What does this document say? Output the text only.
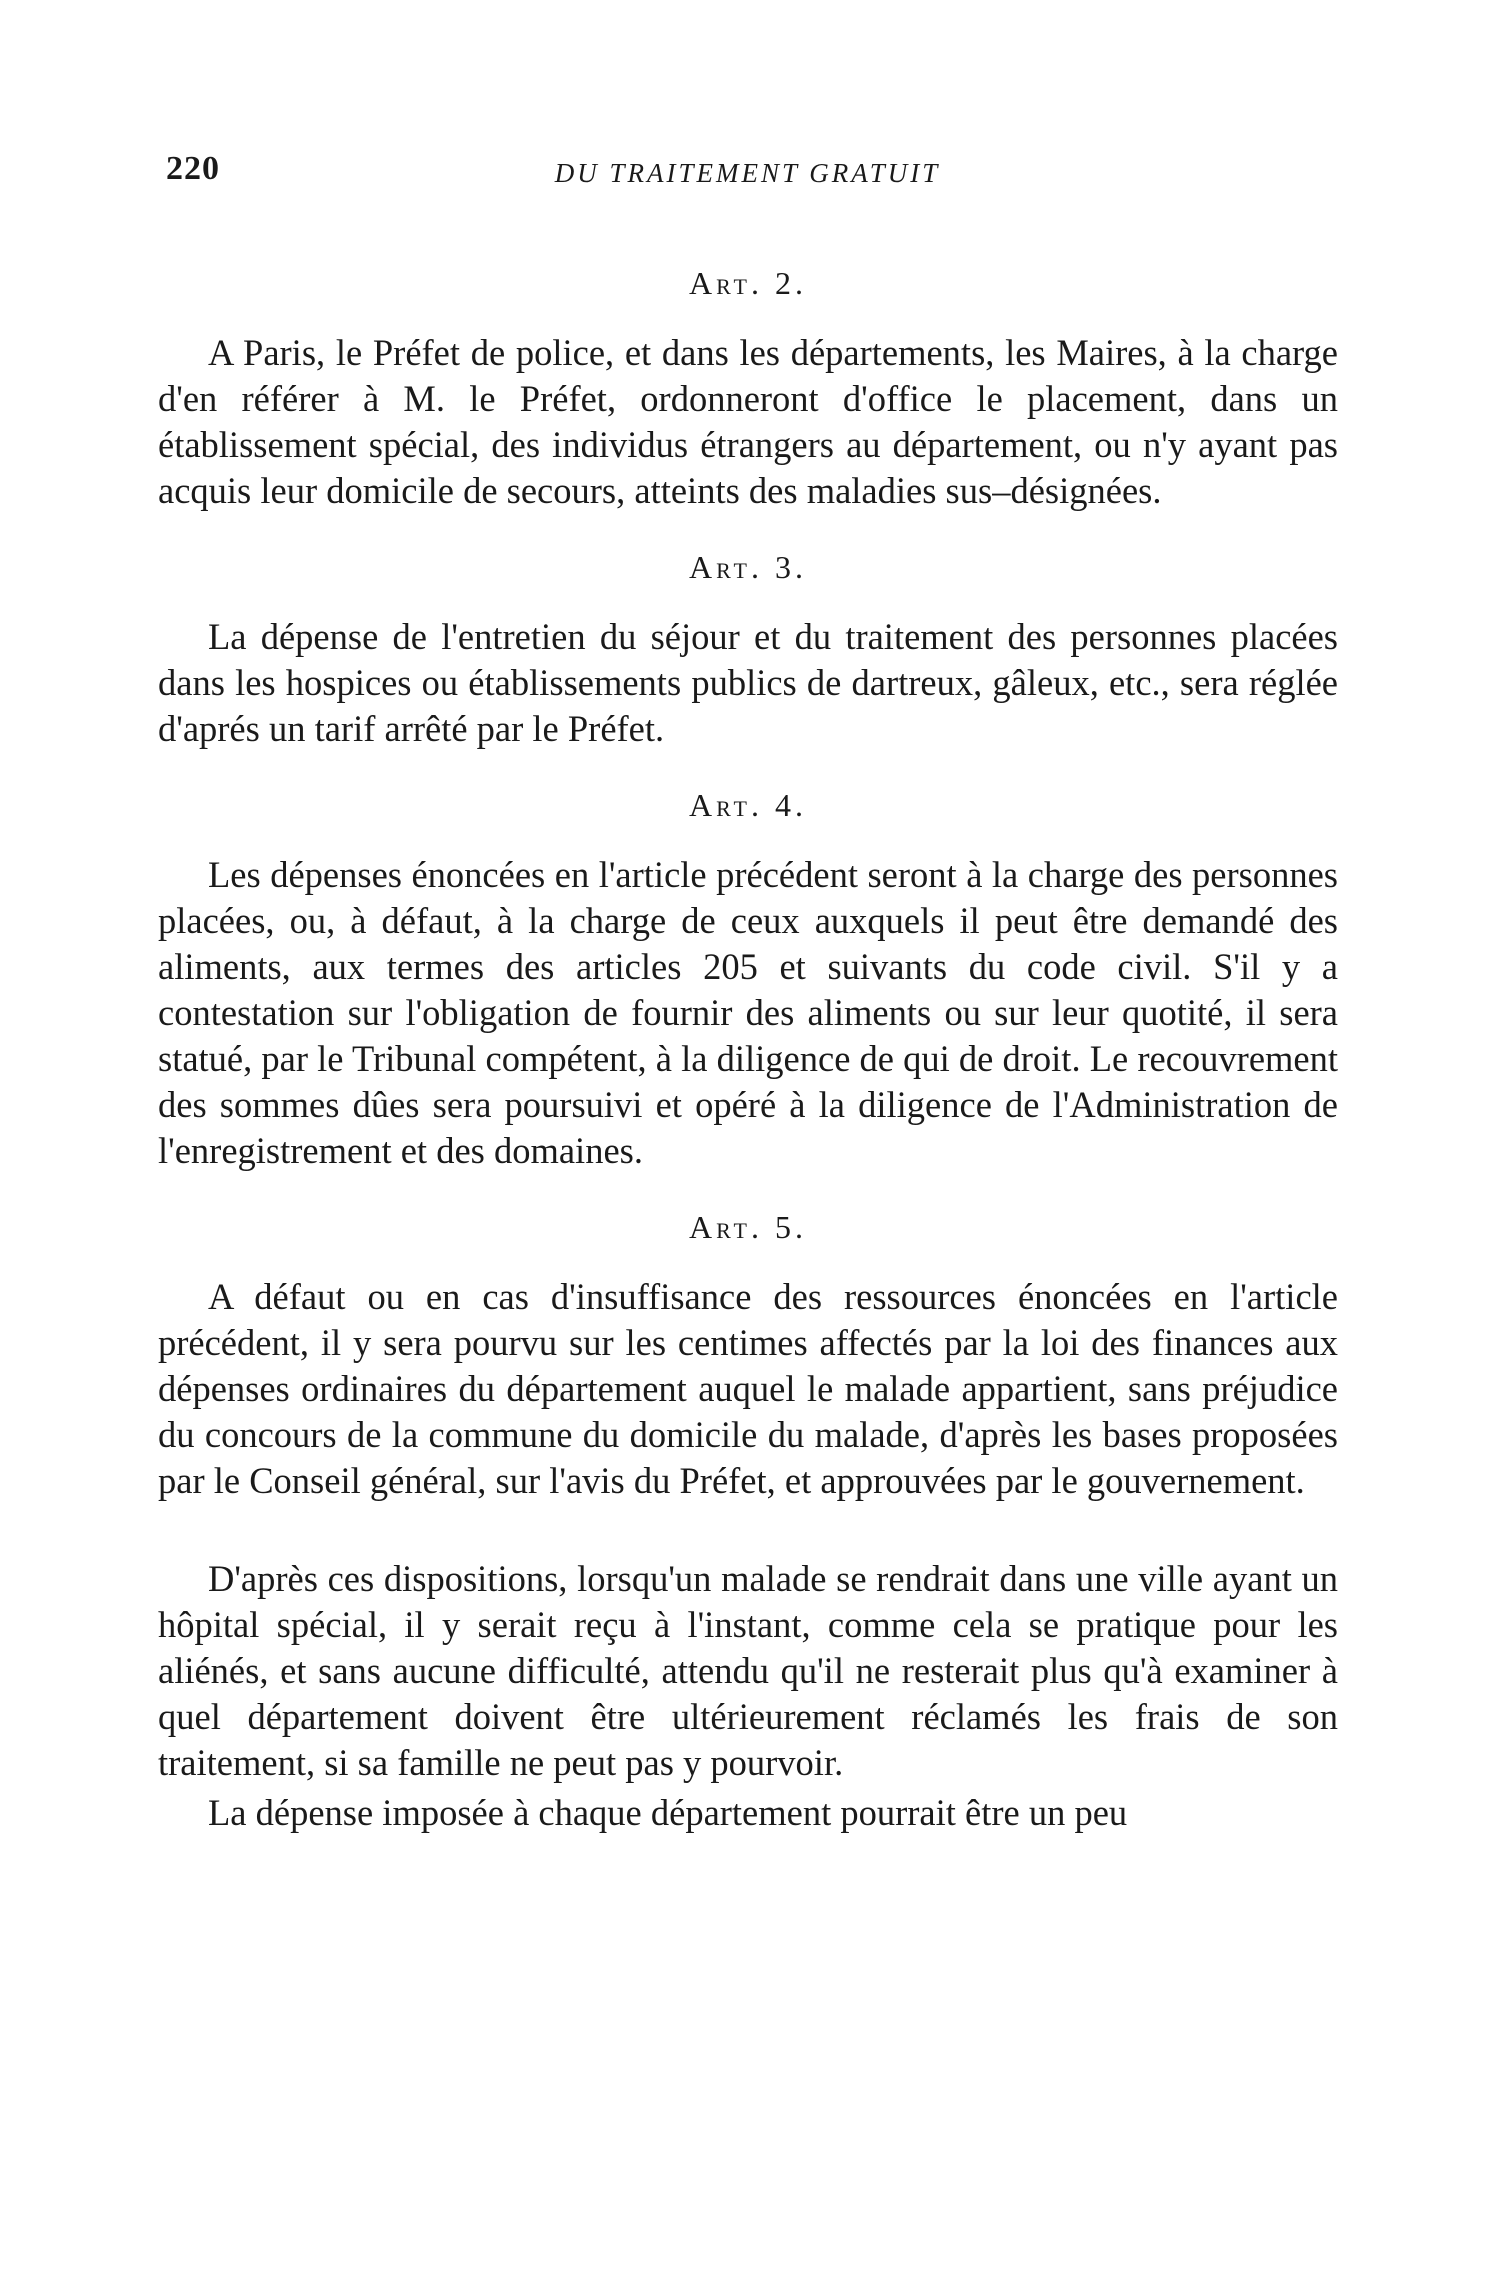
220	DU TRAITEMENT GRATUIT
Art. 2.

A Paris, le Préfet de police, et dans les départements, les Maires, à la charge d'en référer à M. le Préfet, ordonneront d'office le placement, dans un établissement spécial, des individus étrangers au département, ou n'y ayant pas acquis leur domicile de secours, atteints des maladies sus–désignées.

Art. 3.

La dépense de l'entretien du séjour et du traitement des personnes placées dans les hospices ou établissements publics de dartreux, gâleux, etc., sera réglée d'aprés un tarif arrêté par le Préfet.

Art. 4.

Les dépenses énoncées en l'article précédent seront à la charge des personnes placées, ou, à défaut, à la charge de ceux auxquels il peut être demandé des aliments, aux termes des articles 205 et suivants du code civil. S'il y a contestation sur l'obligation de fournir des aliments ou sur leur quotité, il sera statué, par le Tribunal compétent, à la diligence de qui de droit. Le recouvrement des sommes dûes sera poursuivi et opéré à la diligence de l'Administration de l'enregistrement et des domaines.

Art. 5.

A défaut ou en cas d'insuffisance des ressources énoncées en l'article précédent, il y sera pourvu sur les centimes affectés par la loi des finances aux dépenses ordinaires du département auquel le malade appartient, sans préjudice du concours de la commune du domicile du malade, d'après les bases proposées par le Conseil général, sur l'avis du Préfet, et approuvées par le gouvernement.

D'après ces dispositions, lorsqu'un malade se rendrait dans une ville ayant un hôpital spécial, il y serait reçu à l'instant, comme cela se pratique pour les aliénés, et sans aucune difficulté, attendu qu'il ne resterait plus qu'à examiner à quel département doivent être ultérieurement réclamés les frais de son traitement, si sa famille ne peut pas y pourvoir.

La dépense imposée à chaque département pourrait être un peu
